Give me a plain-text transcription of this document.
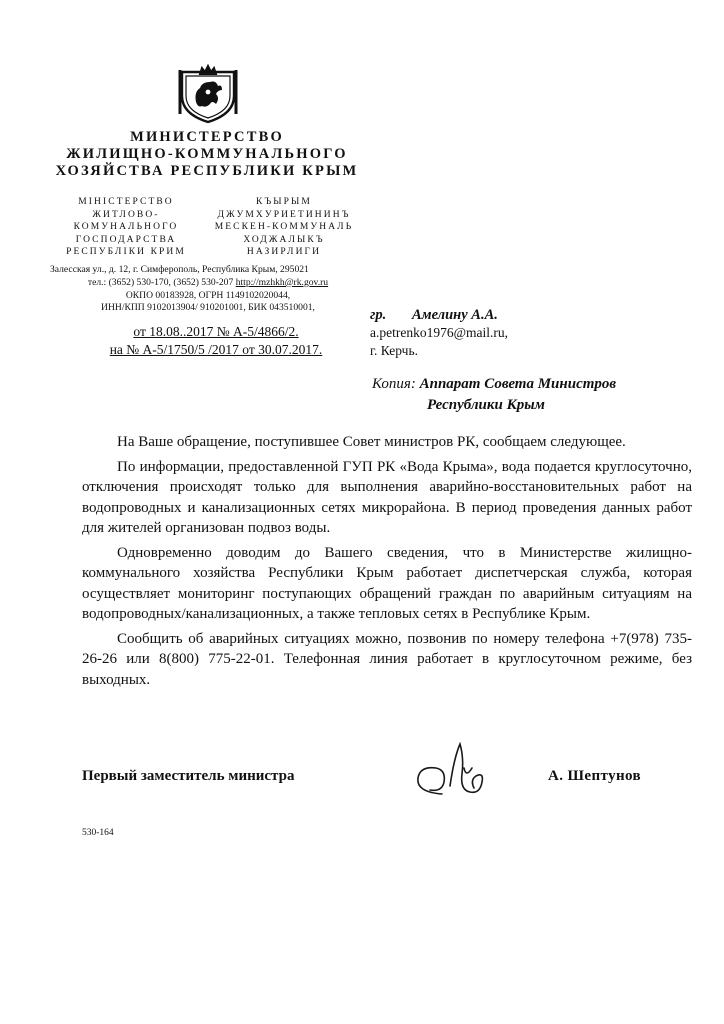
МИНИСТЕРСТВО
ЖИЛИЩНО-КОММУНАЛЬНОГО
ХОЗЯЙСТВА РЕСПУБЛИКИ КРЫМ
МІНІСТЕРСТВО
ЖИТЛОВО-
КОМУНАЛЬНОГО
ГОСПОДАРСТВА
РЕСПУБЛІКИ КРИМ
КЪЫРЫМ
ДЖУМХУРИЕТИНИНЪ
МЕСКЕН-КОММУНАЛЬ
ХОДЖАЛЫКЪ
НАЗИРЛИГИ
Залесская ул., д. 12, г. Симферополь, Республика Крым, 295021
тел.: (3652) 530-170, (3652) 530-207 http://mzhkh@rk.gov.ru
ОКПО 00183928, ОГРН 1149102020044,
ИНН/КПП 9102013904/ 910201001, БИК 043510001,
от 18.08..2017 № А-5/4866/2.
на № А-5/1750/5 /2017 от 30.07.2017.
гр. Амелину А.А.
a.petrenko1976@mail.ru,
г. Керчь.
Копия: Аппарат Совета Министров
Республики Крым

На Ваше обращение, поступившее Совет министров РК, сообщаем следующее.

По информации, предоставленной ГУП РК «Вода Крыма», вода подается круглосуточно, отключения происходят только для выполнения аварийно-восстановительных работ на водопроводных и канализационных сетях микрорайона. В период проведения данных работ для жителей организован подвоз воды.

Одновременно доводим до Вашего сведения, что в Министерстве жилищно-коммунального хозяйства Республики Крым работает диспетчерская служба, которая осуществляет мониторинг поступающих обращений граждан по аварийным ситуациям на водопроводных/канализационных, а также тепловых сетях в Республике Крым.

Сообщить об аварийных ситуациях можно, позвонив по номеру телефона +7(978) 735-26-26 или 8(800) 775-22-01. Телефонная линия работает в круглосуточном режиме, без выходных.

Первый заместитель министра	А. Шептунов
530-164
